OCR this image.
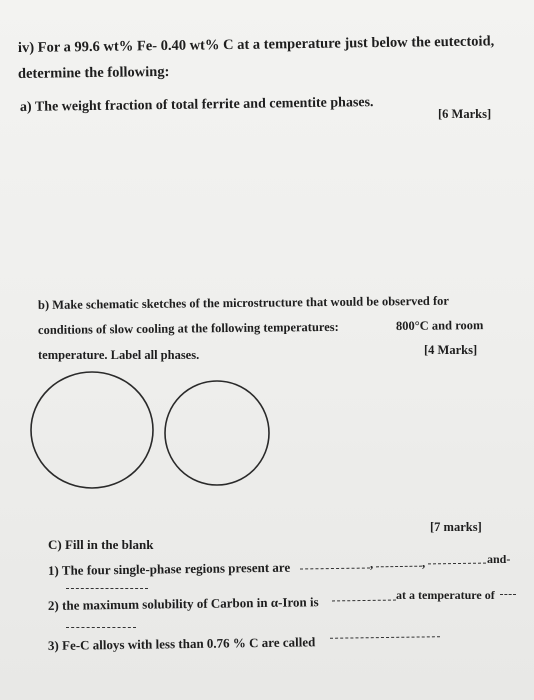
iv) For a 99.6 wt% Fe- 0.40 wt% C at a temperature just below the eutectoid,
determine the following:
a) The weight fraction of total ferrite and cementite phases.	[6 Marks]
b) Make schematic sketches of the microstructure that would be observed for
conditions of slow cooling at the following temperatures:	800°C and room
temperature. Label all phases.	[4 Marks]
C) Fill in the blank
[7 marks]
1) The four single-phase regions present are	,	,	and-
2) the maximum solubility of Carbon in α-Iron is	at a temperature of
3) Fe-C alloys with less than 0.76 % C are called
